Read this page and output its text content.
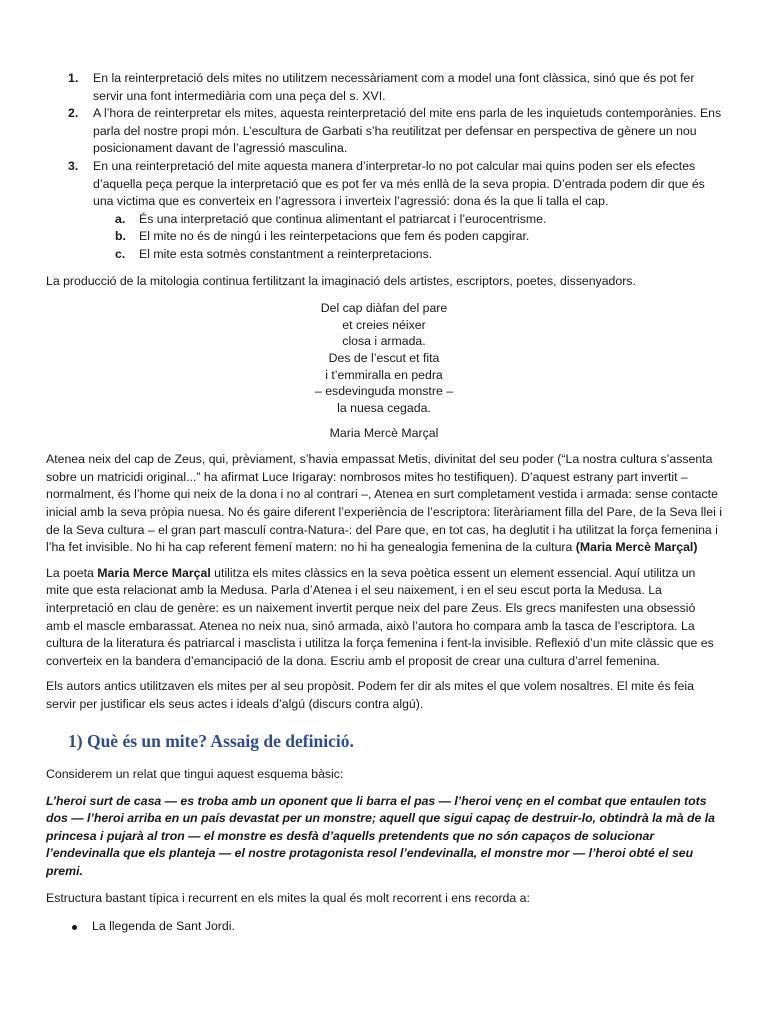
1. En la reinterpretació dels mites no utilitzem necessàriament com a model una font clàssica, sinó que és pot fer servir una font intermediària com una peça del s. XVI.
2. A l’hora de reinterpretar els mites, aquesta reinterpretació del mite ens parla de les inquietuds contemporànies. Ens parla del nostre propi món. L’escultura de Garbati s’ha reutilitzat per defensar en perspectiva de gènere un nou posicionament davant de l’agressió masculina.
3. En una reinterpretació del mite aquesta manera d’interpretar-lo no pot calcular mai quins poden ser els efectes d’aquella peça perque la interpretació que es pot fer va més enllà de la seva propia. D’entrada podem dir que és una victima que es converteix en l’agressora i inverteix l’agressió: dona és la que li talla el cap.
a. És una interpretació que continua alimentant el patriarcat i l’eurocentrisme.
b. El mite no és de ningú i les reinterpetacions que fem és poden capgirar.
c. El mite esta sotmès constantment a reinterpretacions.

La producció de la mitologia continua fertilitzant la imaginació dels artistes, escriptors, poetes, dissenyadors.

Del cap diàfan del pare
et creies néixer
closa i armada.
Des de l’escut et fita
i t’emmiralla en pedra
– esdevinguda monstre –
la nuesa cegada.
Maria Mercè Marçal

Atenea neix del cap de Zeus, qui, prèviament, s’havia empassat Metis, divinitat del seu poder (“La nostra cultura s’assenta sobre un matricidi original...” ha afirmat Luce Irigaray: nombrosos mites ho testifiquen). D’aquest estrany part invertit – normalment, és l’home qui neix de la dona i no al contrari –, Atenea en surt completament vestida i armada: sense contacte inicial amb la seva pròpia nuesa. No és gaire diferent l’experiència de l’escriptora: literàriament filla del Pare, de la Seva llei i de la Seva cultura – el gran part masculí contra-Natura-: del Pare que, en tot cas, ha deglutit i ha utilitzat la força femenina i l’ha fet invisible. No hi ha cap referent femení matern: no hi ha genealogia femenina de la cultura (Maria Mercè Marçal)

La poeta Maria Merce Marçal utilitza els mites clàssics en la seva poètica essent un element essencial. Aquí utilitza un mite que esta relacionat amb la Medusa. Parla d’Atenea i el seu naixement, i en el seu escut porta la Medusa. La interpretació en clau de genère: es un naixement invertit perque neix del pare Zeus. Els grecs manifesten una obsessió amb el mascle embarassat. Atenea no neix nua, sinó armada, això l’autora ho compara amb la tasca de l’escriptora. La cultura de la literatura és patriarcal i masclista i utilitza la força femenina i fent-la invisible. Reflexió d’un mite clàssic que es converteix en la bandera d’emancipació de la dona. Escriu amb el proposit de crear una cultura d’arrel femenina.

Els autors antics utilitzaven els mites per al seu propòsit. Podem fer dir als mites el que volem nosaltres. El mite és feia servir per justificar els seus actes i ideals d’algú (discurs contra algú).

1) Què és un mite? Assaig de definició.

Considerem un relat que tingui aquest esquema bàsic:

L’heroi surt de casa — es troba amb un oponent que li barra el pas — l’heroi venç en el combat que entaulen tots dos — l’heroi arriba en un país devastat per un monstre; aquell que sigui capaç de destruir-lo, obtindrà la mà de la princesa i pujarà al tron — el monstre es desfà d’aquells pretendents que no són capaços de solucionar l’endevinalla que els planteja — el nostre protagonista resol l’endevinalla, el monstre mor — l’heroi obté el seu premi.

Estructura bastant típica i recurrent en els mites la qual és molt recorrent i ens recorda a:

La llegenda de Sant Jordi.
